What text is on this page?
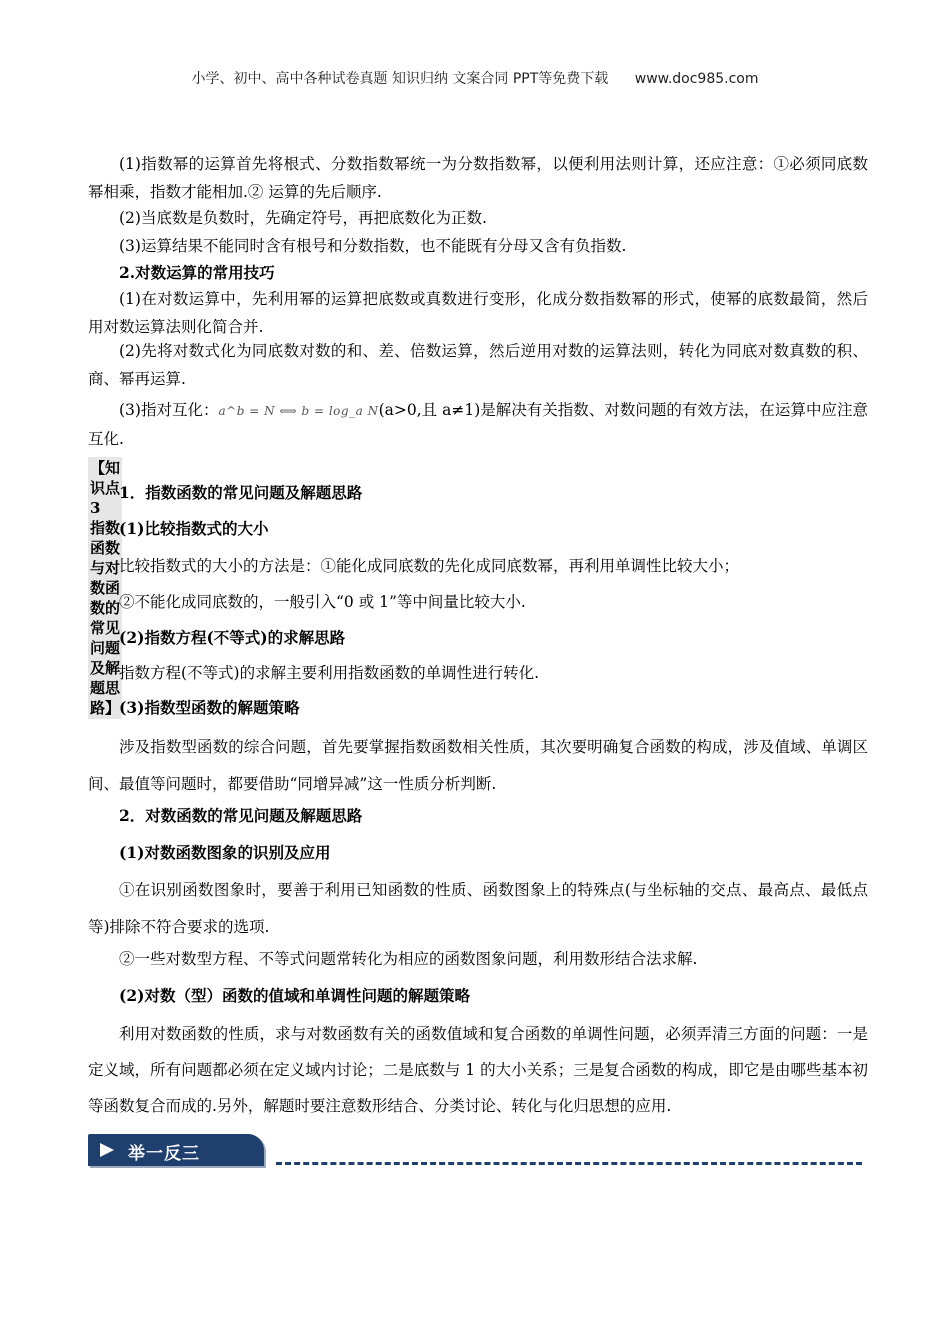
小学、初中、高中各种试卷真题 知识归纳 文案合同 PPT等免费下载 www.doc985.com
(1)指数幂的运算首先将根式、分数指数幂统一为分数指数幂，以便利用法则计算，还应注意：①必须同底数幂相乘，指数才能相加.② 运算的先后顺序.
(2)当底数是负数时，先确定符号，再把底数化为正数.
(3)运算结果不能同时含有根号和分数指数，也不能既有分母又含有负指数.
2.对数运算的常用技巧
(1)在对数运算中，先利用幂的运算把底数或真数进行变形，化成分数指数幂的形式，使幂的底数最简，然后用对数运算法则化简合并.
(2)先将对数式化为同底数对数的和、差、倍数运算，然后逆用对数的运算法则，转化为同底对数真数的积、商、幂再运算.
(3)指对互化：a^b = N ⟺ b = log_a N(a>0,且 a≠1)是解决有关指数、对数问题的有效方法，在运算中应注意互化.
【知识点 3 指数函数与对数函数的常见问题及解题思路】
1．指数函数的常见问题及解题思路
(1)比较指数式的大小
比较指数式的大小的方法是：①能化成同底数的先化成同底数幂，再利用单调性比较大小；
②不能化成同底数的，一般引入“0 或 1”等中间量比较大小.
(2)指数方程(不等式)的求解思路
指数方程(不等式)的求解主要利用指数函数的单调性进行转化.
(3)指数型函数的解题策略
涉及指数型函数的综合问题，首先要掌握指数函数相关性质，其次要明确复合函数的构成，涉及值域、单调区间、最值等问题时，都要借助“同增异减”这一性质分析判断.
2．对数函数的常见问题及解题思路
(1)对数函数图象的识别及应用
①在识别函数图象时，要善于利用已知函数的性质、函数图象上的特殊点(与坐标轴的交点、最高点、最低点等)排除不符合要求的选项.
②一些对数型方程、不等式问题常转化为相应的函数图象问题，利用数形结合法求解.
(2)对数（型）函数的值域和单调性问题的解题策略
利用对数函数的性质，求与对数函数有关的函数值域和复合函数的单调性问题，必须弄清三方面的问题：一是定义域，所有问题都必须在定义域内讨论；二是底数与 1 的大小关系；三是复合函数的构成，即它是由哪些基本初等函数复合而成的.另外，解题时要注意数形结合、分类讨论、转化与化归思想的应用.
举一反三
